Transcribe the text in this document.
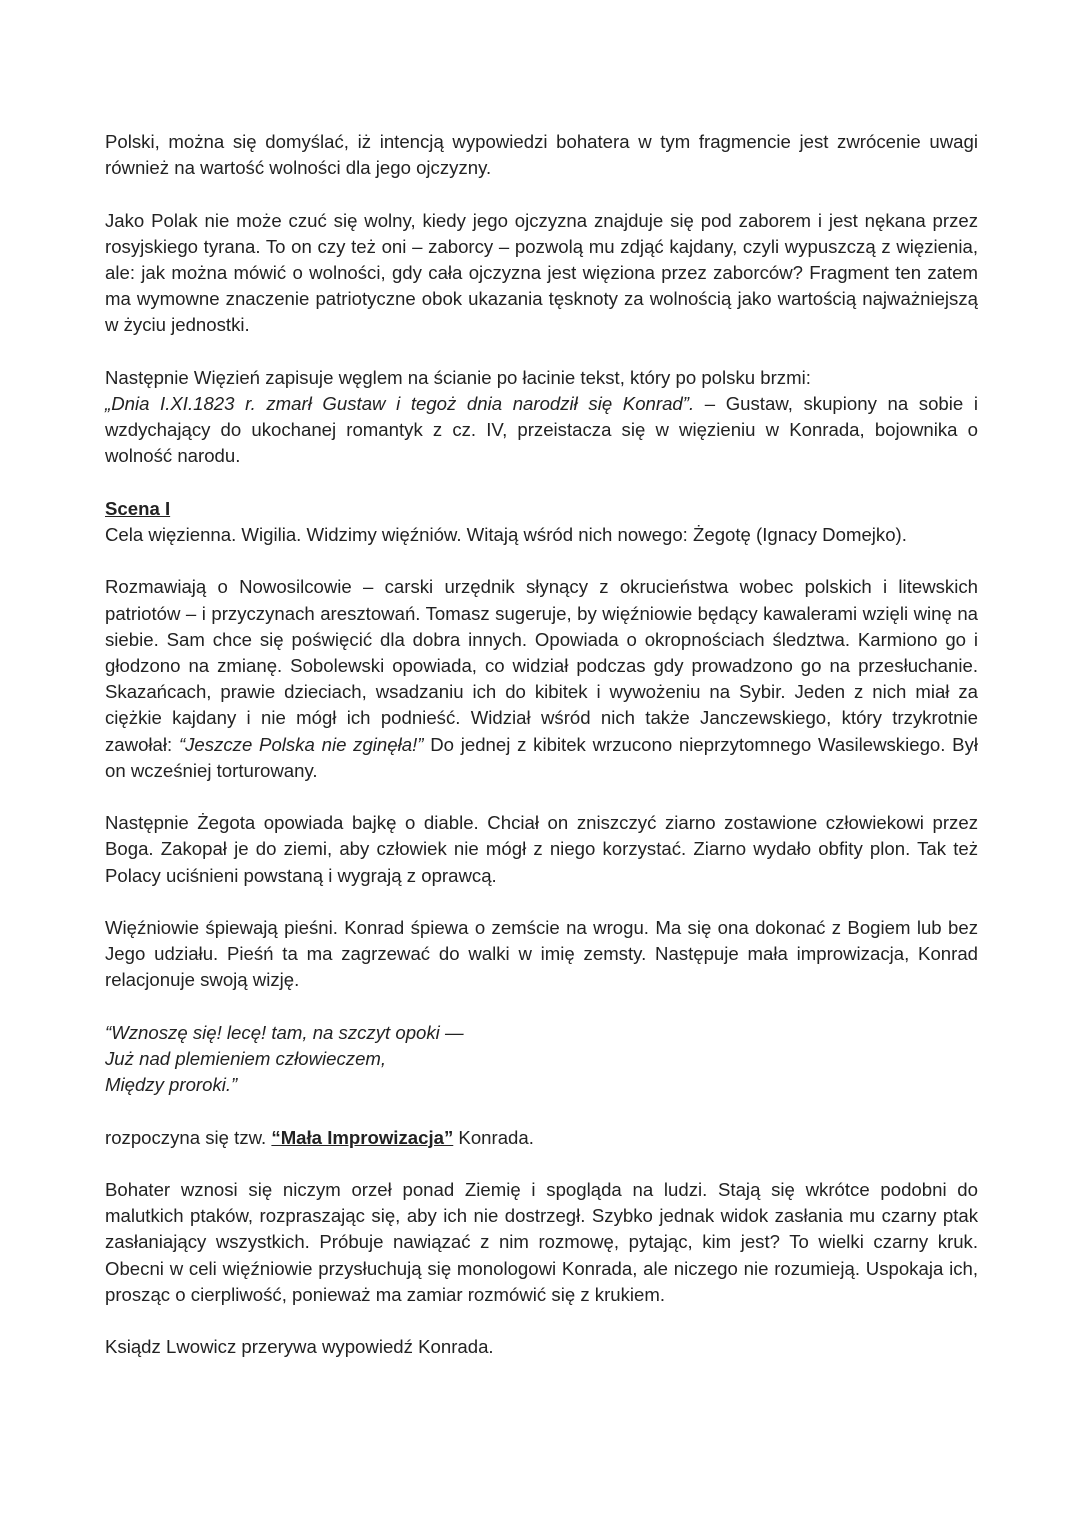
Polski, można się domyślać, iż intencją wypowiedzi bohatera w tym fragmencie jest zwrócenie uwagi również na wartość wolności dla jego ojczyzny.

Jako Polak nie może czuć się wolny, kiedy jego ojczyzna znajduje się pod zaborem i jest nękana przez rosyjskiego tyrana. To on czy też oni – zaborcy – pozwolą mu zdjąć kajdany, czyli wypuszczą z więzienia, ale: jak można mówić o wolności, gdy cała ojczyzna jest więziona przez zaborców? Fragment ten zatem ma wymowne znaczenie patriotyczne obok ukazania tęsknoty za wolnością jako wartością najważniejszą w życiu jednostki.

Następnie Więzień zapisuje węglem na ścianie po łacinie tekst, który po polsku brzmi:
„Dnia I.XI.1823 r. zmarł Gustaw i tegoż dnia narodził się Konrad”. – Gustaw, skupiony na sobie i wzdychający do ukochanej romantyk z cz. IV, przeistacza się w więzieniu w Konrada, bojownika o wolność narodu.

Scena I
Cela więzienna. Wigilia. Widzimy więźniów. Witają wśród nich nowego: Żegotę (Ignacy Domejko).

Rozmawiają o Nowosilcowie – carski urzędnik słynący z okrucieństwa wobec polskich i litewskich patriotów – i przyczynach aresztowań. Tomasz sugeruje, by więźniowie będący kawalerami wzięli winę na siebie. Sam chce się poświęcić dla dobra innych. Opowiada o okropnościach śledztwa. Karmiono go i głodzono na zmianę. Sobolewski opowiada, co widział podczas gdy prowadzono go na przesłuchanie. Skazańcach, prawie dzieciach, wsadzaniu ich do kibitek i wywożeniu na Sybir. Jeden z nich miał za ciężkie kajdany i nie mógł ich podnieść. Widział wśród nich także Janczewskiego, który trzykrotnie zawołał: “Jeszcze Polska nie zginęła!” Do jednej z kibitek wrzucono nieprzytomnego Wasilewskiego. Był on wcześniej torturowany.

Następnie Żegota opowiada bajkę o diable. Chciał on zniszczyć ziarno zostawione człowiekowi przez Boga. Zakopał je do ziemi, aby człowiek nie mógł z niego korzystać. Ziarno wydało obfity plon. Tak też Polacy uciśnieni powstaną i wygrają z oprawcą.

Więźniowie śpiewają pieśni. Konrad śpiewa o zemście na wrogu. Ma się ona dokonać z Bogiem lub bez Jego udziału. Pieśń ta ma zagrzewać do walki w imię zemsty. Następuje mała improwizacja, Konrad relacjonuje swoją wizję.

“Wznoszę się! lecę! tam, na szczyt opoki —
Już nad plemieniem człowieczem,
Między proroki.”

rozpoczyna się tzw. “Mała Improwizacja” Konrada.

Bohater wznosi się niczym orzeł ponad Ziemię i spogląda na ludzi. Stają się wkrótce podobni do malutkich ptaków, rozpraszając się, aby ich nie dostrzegł. Szybko jednak widok zasłania mu czarny ptak zasłaniający wszystkich. Próbuje nawiązać z nim rozmowę, pytając, kim jest? To wielki czarny kruk. Obecni w celi więźniowie przysłuchują się monologowi Konrada, ale niczego nie rozumieją. Uspokaja ich, prosząc o cierpliwość, ponieważ ma zamiar rozmówić się z krukiem.

Ksiądz Lwowicz przerywa wypowiedź Konrada.
